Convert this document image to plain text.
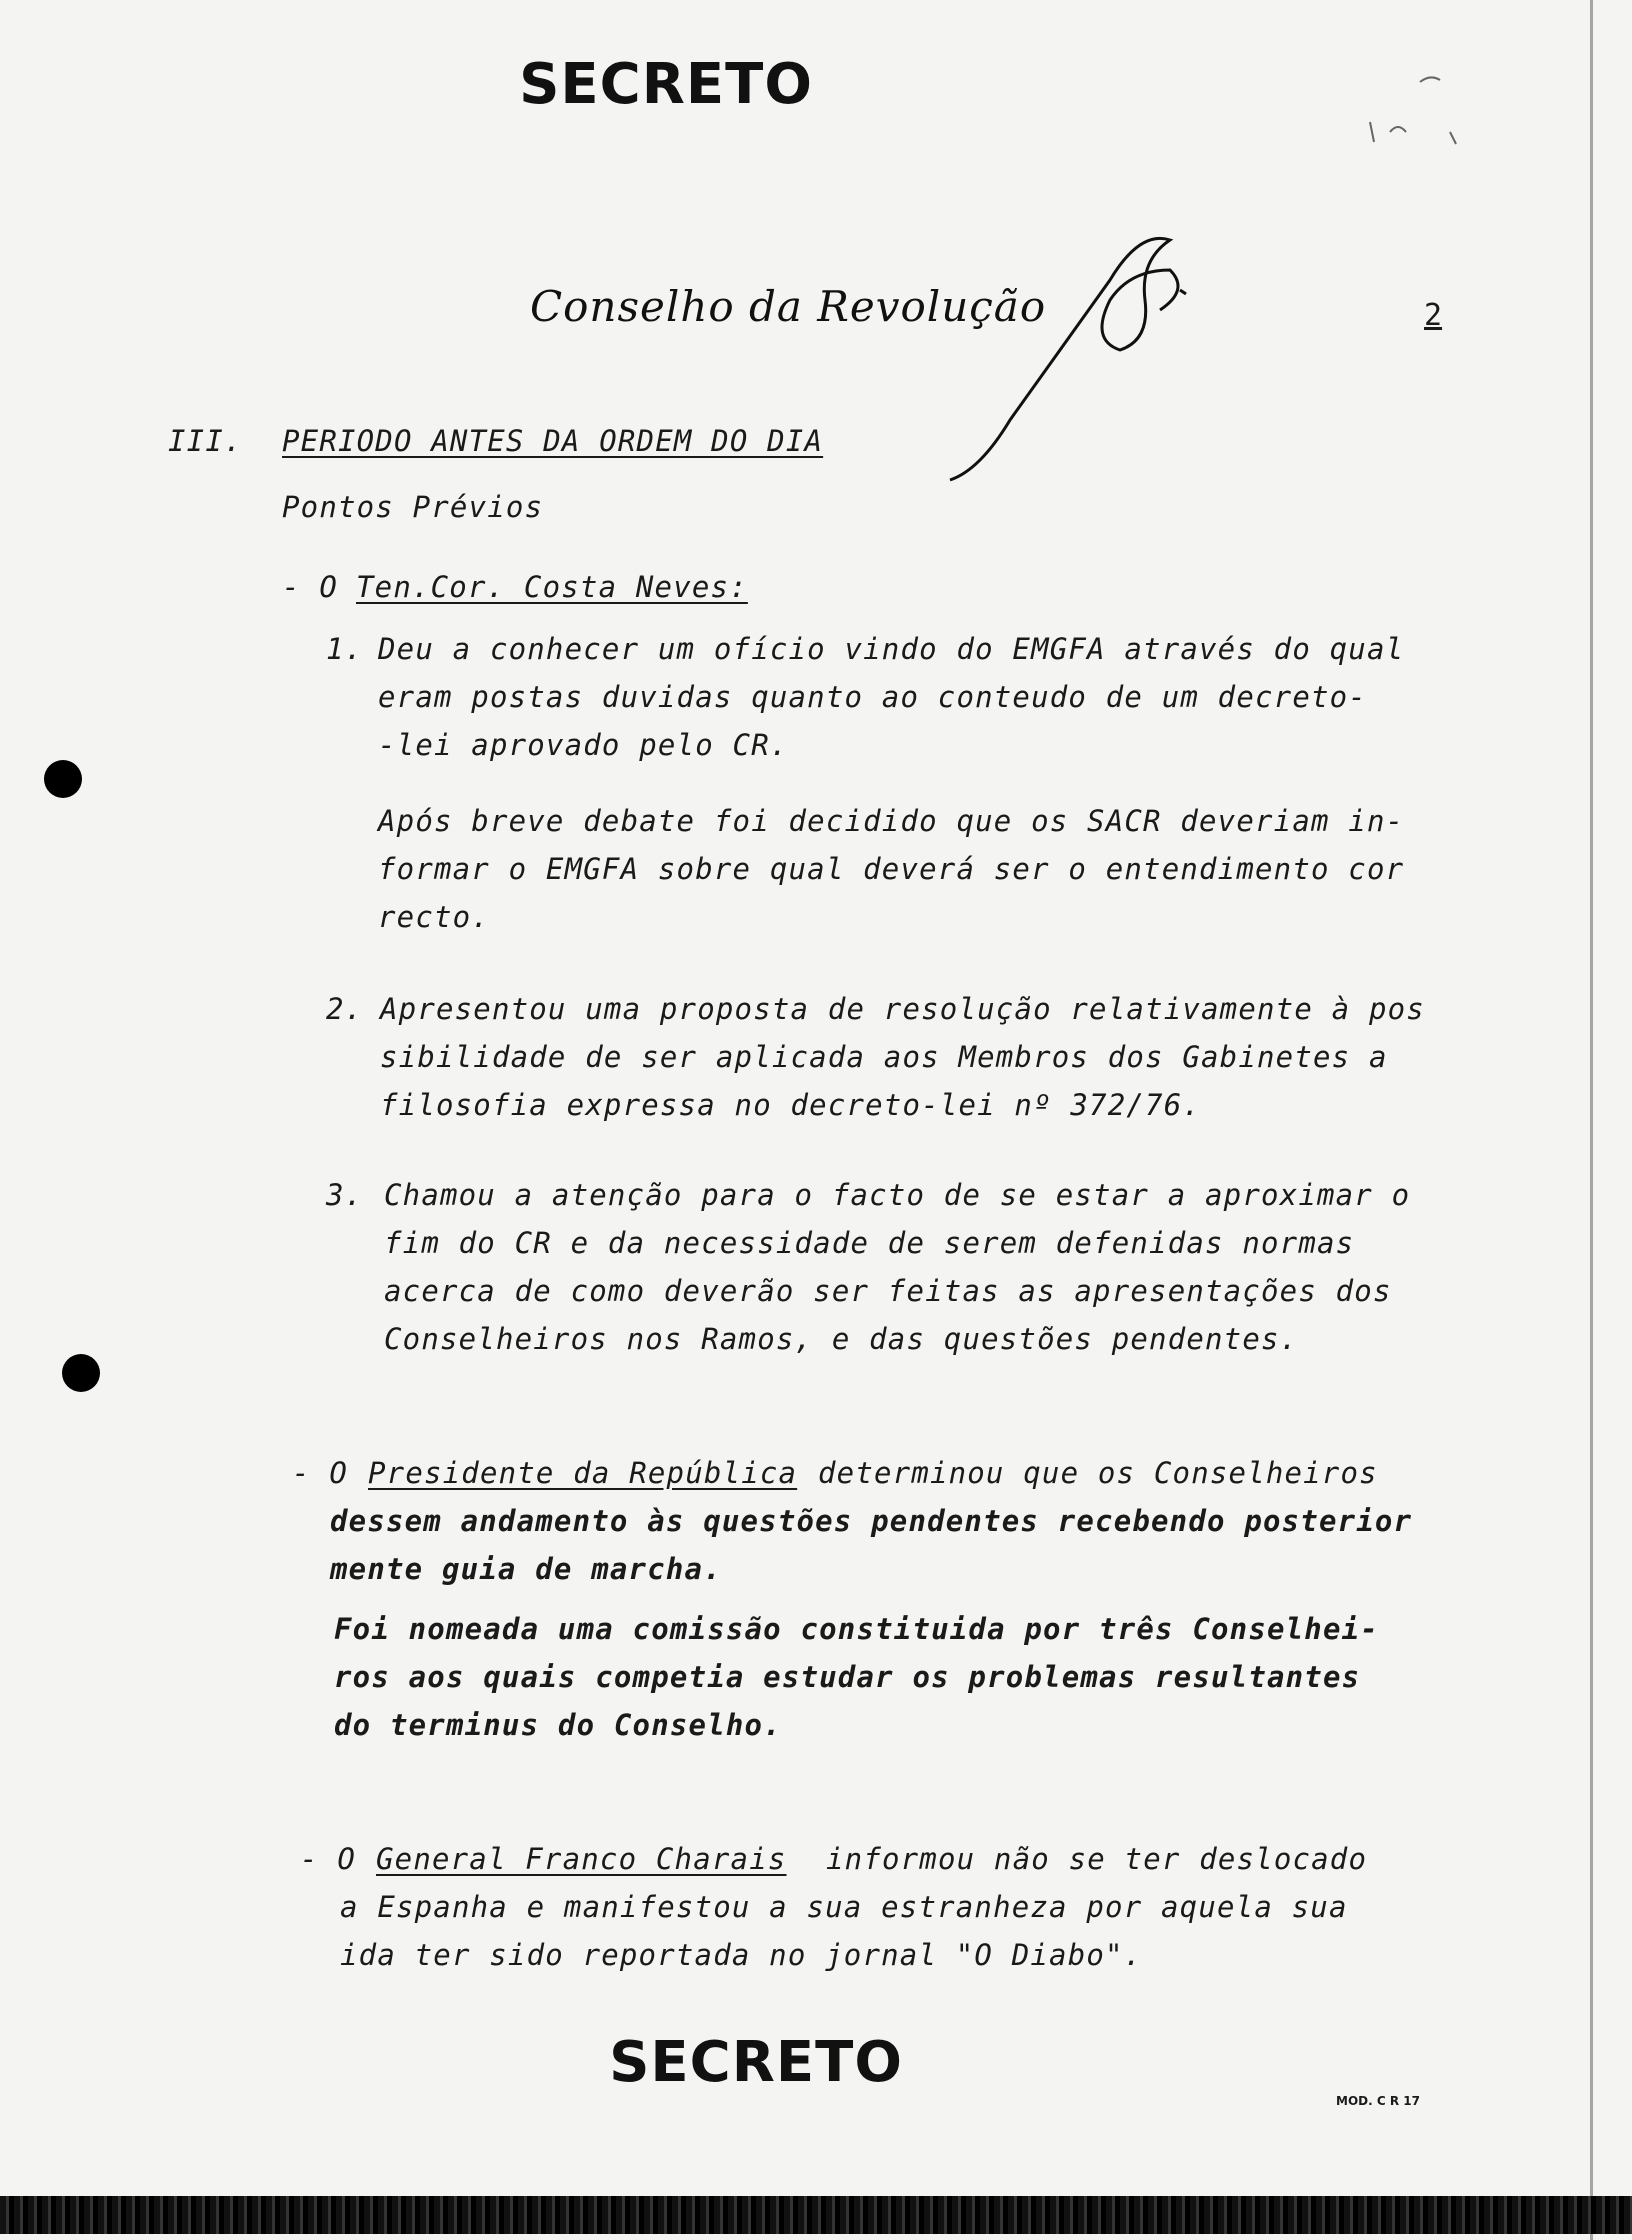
SECRETO
Conselho da Revolução	2
III. PERIODO ANTES DA ORDEM DO DIA
Pontos Prévios
- O Ten.Cor. Costa Neves:
1. Deu a conhecer um ofício vindo do EMGFA através do qual
eram postas duvidas quanto ao conteudo de um decreto-
-lei aprovado pelo CR.
Após breve debate foi decidido que os SACR deveriam in-
formar o EMGFA sobre qual deverá ser o entendimento cor
recto.
2. Apresentou uma proposta de resolução relativamente à pos
sibilidade de ser aplicada aos Membros dos Gabinetes a
filosofia expressa no decreto-lei nº 372/76.
3. Chamou a atenção para o facto de se estar a aproximar o
fim do CR e da necessidade de serem defenidas normas
acerca de como deverão ser feitas as apresentações dos
Conselheiros nos Ramos, e das questões pendentes.
- O Presidente da República determinou que os Conselheiros
dessem andamento às questões pendentes recebendo posterior
mente guia de marcha.
Foi nomeada uma comissão constituida por três Conselhei-
ros aos quais competia estudar os problemas resultantes
do terminus do Conselho.
- O General Franco Charais informou não se ter deslocado
a Espanha e manifestou a sua estranheza por aquela sua
ida ter sido reportada no jornal "O Diabo".
SECRETO
MOD. C R 17
